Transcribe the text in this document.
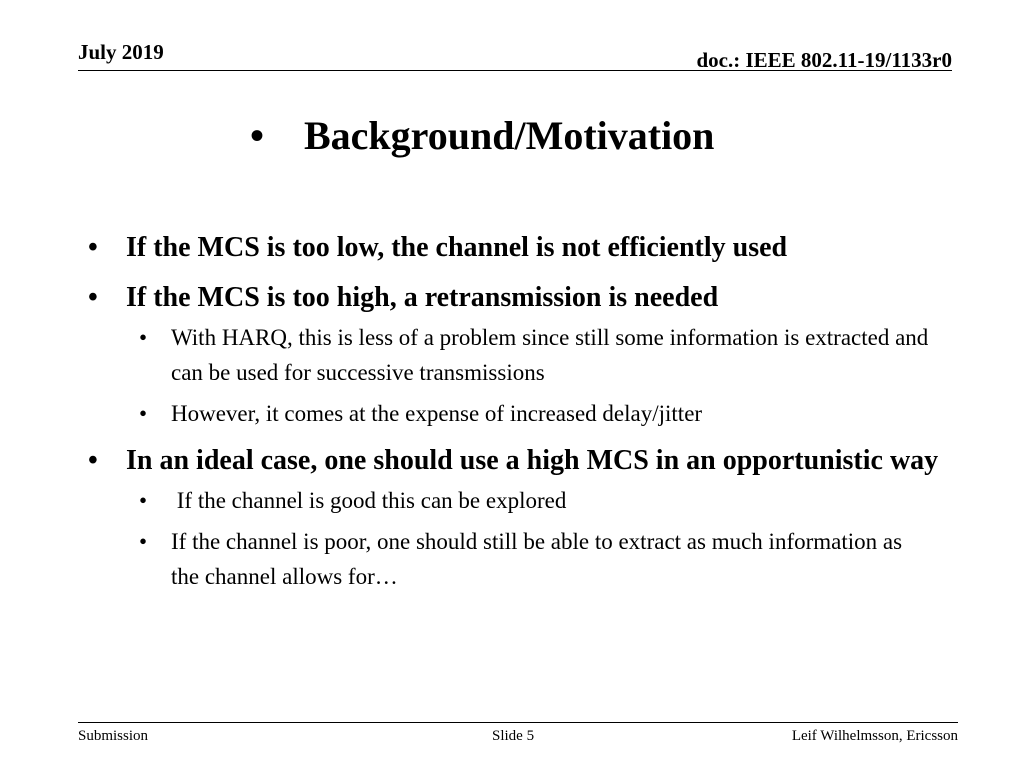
July 2019	doc.: IEEE 802.11-19/1133r0
• Background/Motivation
• If the MCS is too low, the channel is not efficiently used
• If the MCS is too high, a retransmission is needed
• With HARQ, this is less of a problem since still some information is extracted and can be used for successive transmissions
• However, it comes at the expense of increased delay/jitter
• In an ideal case, one should use a high MCS in an opportunistic way
• If the channel is good this can be explored
• If the channel is poor, one should still be able to extract as much information as the channel allows for…
Submission	Slide 5	Leif Wilhelmsson, Ericsson
